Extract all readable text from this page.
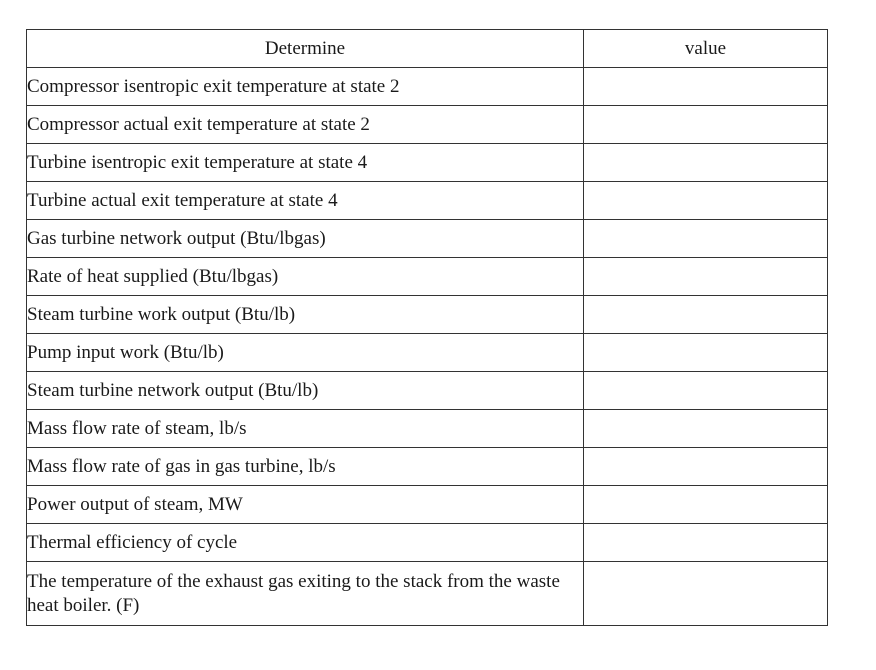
Determine	value
Compressor isentropic exit temperature at state 2	
Compressor actual exit temperature at state 2	
Turbine isentropic exit temperature at state 4	
Turbine actual exit temperature at state 4	
Gas turbine network output (Btu/lbgas)	
Rate of heat supplied (Btu/lbgas)	
Steam turbine work output (Btu/lb)	
Pump input work (Btu/lb)	
Steam turbine network output (Btu/lb)	
Mass flow rate of steam, lb/s	
Mass flow rate of gas in gas turbine, lb/s	
Power output of steam, MW	
Thermal efficiency of cycle	
The temperature of the exhaust gas exiting to the stack from the waste heat boiler. (F)	
